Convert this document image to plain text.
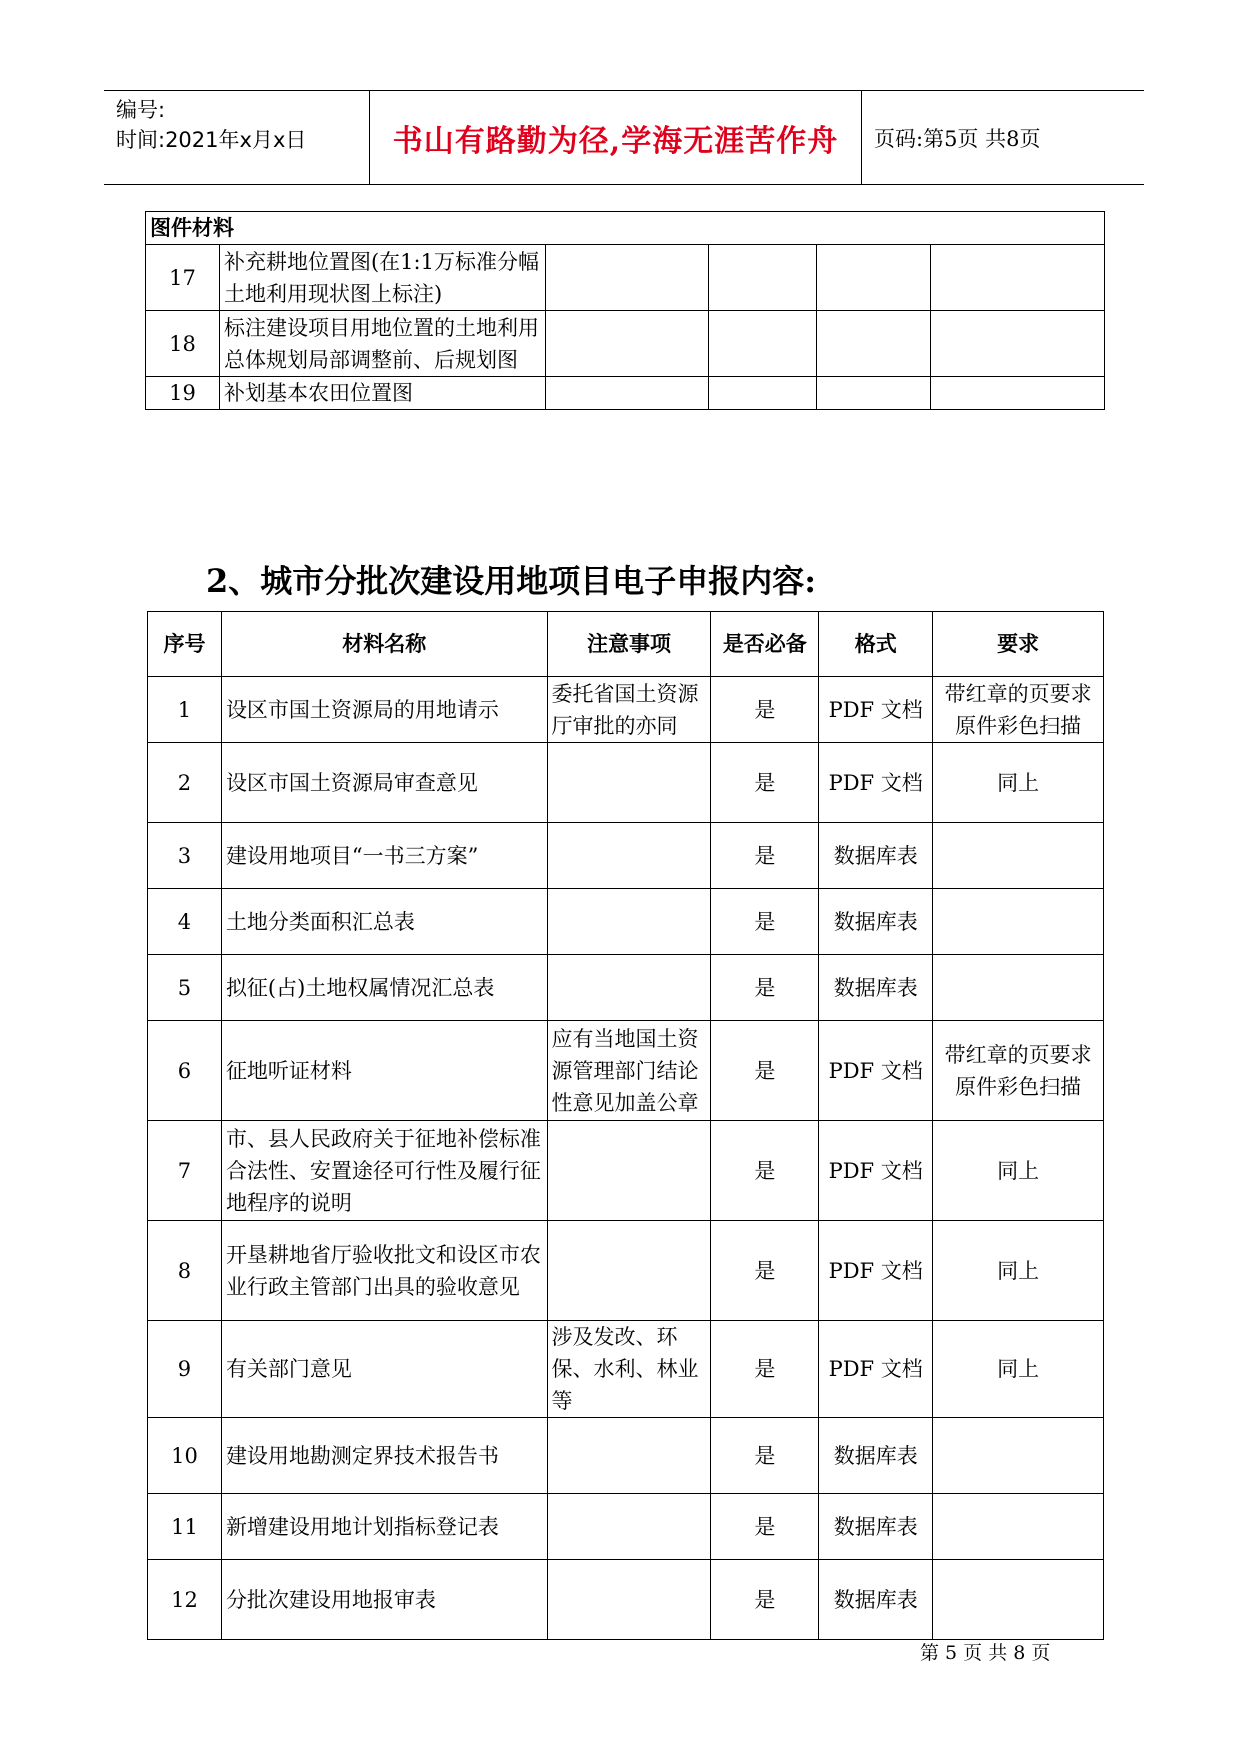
编号:
时间:2021年x月x日	书山有路勤为径,学海无涯苦作舟	页码:第5页 共8页
图件材料					
17	补充耕地位置图(在1:1万标准分幅土地利用现状图上标注)				
18	标注建设项目用地位置的土地利用总体规划局部调整前、后规划图				
19	补划基本农田位置图				
2、城市分批次建设用地项目电子申报内容:
序号	材料名称	注意事项	是否必备	格式	要求
1	设区市国土资源局的用地请示	委托省国土资源厅审批的亦同	是	PDF 文档	带红章的页要求原件彩色扫描
2	设区市国土资源局审查意见		是	PDF 文档	同上
3	建设用地项目“一书三方案”		是	数据库表	
4	土地分类面积汇总表		是	数据库表	
5	拟征(占)土地权属情况汇总表		是	数据库表	
6	征地听证材料	应有当地国土资源管理部门结论性意见加盖公章	是	PDF 文档	带红章的页要求原件彩色扫描
7	市、县人民政府关于征地补偿标准合法性、安置途径可行性及履行征地程序的说明		是	PDF 文档	同上
8	开垦耕地省厅验收批文和设区市农业行政主管部门出具的验收意见		是	PDF 文档	同上
9	有关部门意见	涉及发改、环保、水利、林业等	是	PDF 文档	同上
10	建设用地勘测定界技术报告书		是	数据库表	
11	新增建设用地计划指标登记表		是	数据库表	
12	分批次建设用地报审表		是	数据库表	
第 5 页 共 8 页
